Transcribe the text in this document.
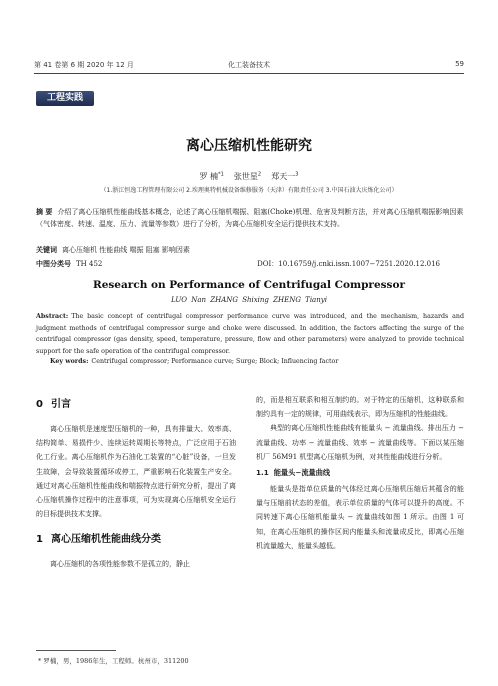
第 41 卷第 6 期 2020 年 12 月	化工装备技术	59
工程实践
离心压缩机性能研究
罗 楠$^{*1}$ 张世星$^2$ 郑天一$^3$
（1.浙江恒逸工程管理有限公司 2.埃理奥特机械设备维修服务（天津）有限责任公司 3.中国石油大庆炼化公司）
摘 要 介绍了离心压缩机性能曲线基本概念，论述了离心压缩机喘振、阻塞(Choke)机理、危害及判断方法，并对离心压缩机喘振影响因素（气体密度、转速、温度、压力、流量等参数）进行了分析，为离心压缩机安全运行提供技术支持。
关键词 离心压缩机 性能曲线 喘振 阻塞 影响因素
中图分类号 TH 452	DOI：10.16759/j.cnki.issn.1007−7251.2020.12.016
Research on Performance of Centrifugal Compressor
LUO Nan ZHANG Shixing ZHENG Tianyi
Abstract: The basic concept of centrifugal compressor performance curve was introduced, and the mechanism, hazards and judgment methods of centrifugal compressor surge and choke were discussed. In addition, the factors affecting the surge of the centrifugal compressor (gas density, speed, temperature, pressure, flow and other parameters) were analyzed to provide technical support for the safe operation of the centrifugal compressor.
Key words: Centrifugal compressor; Performance curve; Surge; Block; Influencing factor
0 引言

离心压缩机是速度型压缩机的一种，具有排量大、效率高、结构简单、易损件少、连续运转周期长等特点，广泛应用于石油化工行业。离心压缩机作为石油化工装置的“心脏”设备，一旦发生故障，会导致装置循环或停工，严重影响石化装置生产安全。通过对离心压缩机性能曲线和喘振特点进行研究分析，提出了离心压缩机操作过程中的注意事项，可为实现离心压缩机安全运行的目标提供技术支撑。

1 离心压缩机性能曲线分类

离心压缩机的各项性能参数不是孤立的，静止

的，而是相互联系和相互制约的。对于特定的压缩机，这种联系和制约具有一定的规律，可用曲线表示，即为压缩机的性能曲线。

典型的离心压缩机性能曲线有能量头 − 流量曲线、排出压力 − 流量曲线、功率 − 流量曲线、效率 − 流量曲线等。下面以某压缩机厂 56M91 机型离心压缩机为例，对其性能曲线进行分析。

1.1 能量头−流量曲线

能量头是指单位质量的气体经过离心压缩机压缩后其蕴含的能量与压缩前状态的差值，表示单位质量的气体可以提升的高度。不同转速下离心压缩机能量头 − 流量曲线如图 1 所示。由图 1 可知，在离心压缩机的操作区间内能量头和流量成反比，即离心压缩机流量越大，能量头越低。

* 罗楠，男，1986年生，工程师。杭州市，311200
